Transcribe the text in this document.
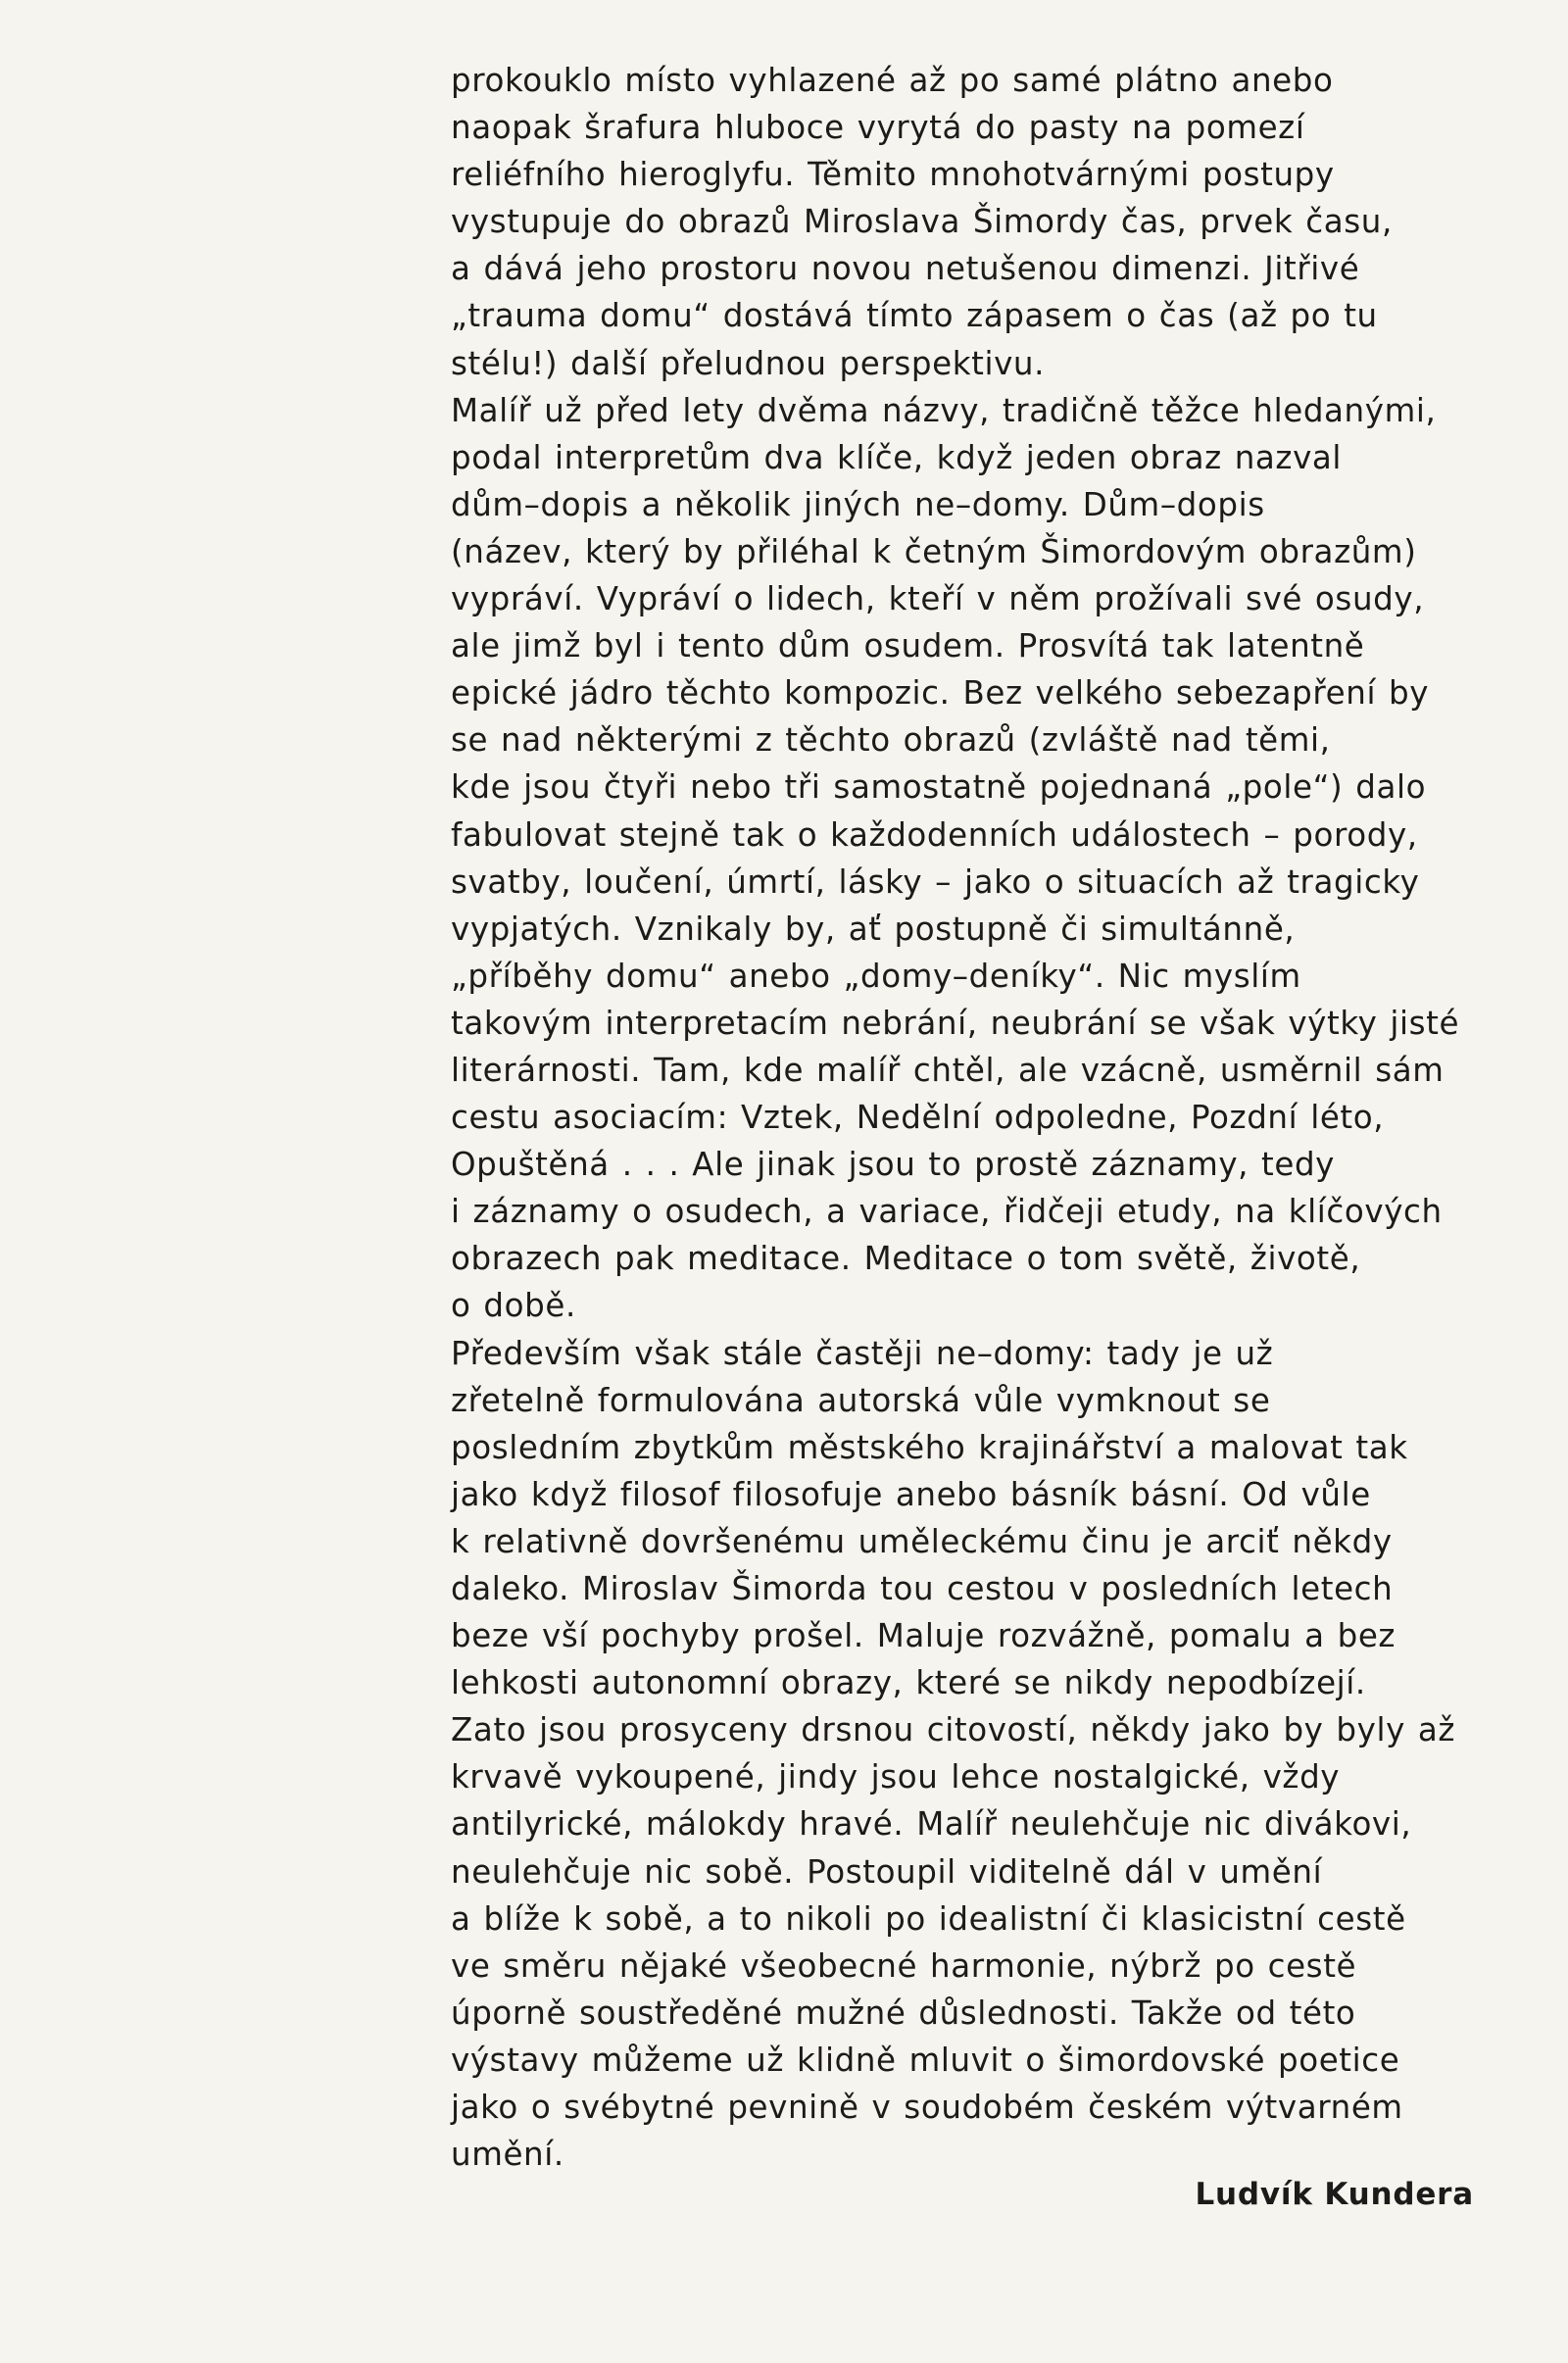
prokouklo místo vyhlazené až po samé plátno anebo
naopak šrafura hluboce vyrytá do pasty na pomezí
reliéfního hieroglyfu. Těmito mnohotvárnými postupy
vystupuje do obrazů Miroslava Šimordy čas, prvek času,
a dává jeho prostoru novou netušenou dimenzi. Jitřivé
„trauma domu“ dostává tímto zápasem o čas (až po tu
stélu!) další přeludnou perspektivu.
Malíř už před lety dvěma názvy, tradičně těžce hledanými,
podal interpretům dva klíče, když jeden obraz nazval
dům–dopis a několik jiných ne–domy. Dům–dopis
(název, který by přiléhal k četným Šimordovým obrazům)
vypráví. Vypráví o lidech, kteří v něm prožívali své osudy,
ale jimž byl i tento dům osudem. Prosvítá tak latentně
epické jádro těchto kompozic. Bez velkého sebezapření by
se nad některými z těchto obrazů (zvláště nad těmi,
kde jsou čtyři nebo tři samostatně pojednaná „pole“) dalo
fabulovat stejně tak o každodenních událostech – porody,
svatby, loučení, úmrtí, lásky – jako o situacích až tragicky
vypjatých. Vznikaly by, ať postupně či simultánně,
„příběhy domu“ anebo „domy–deníky“. Nic myslím
takovým interpretacím nebrání, neubrání se však výtky jisté
literárnosti. Tam, kde malíř chtěl, ale vzácně, usměrnil sám
cestu asociacím: Vztek, Nedělní odpoledne, Pozdní léto,
Opuštěná . . . Ale jinak jsou to prostě záznamy, tedy
i záznamy o osudech, a variace, řidčeji etudy, na klíčových
obrazech pak meditace. Meditace o tom světě, životě,
o době.
Především však stále častěji ne–domy: tady je už
zřetelně formulována autorská vůle vymknout se
posledním zbytkům městského krajinářství a malovat tak
jako když filosof filosofuje anebo básník básní. Od vůle
k relativně dovršenému uměleckému činu je arciť někdy
daleko. Miroslav Šimorda tou cestou v posledních letech
beze vší pochyby prošel. Maluje rozvážně, pomalu a bez
lehkosti autonomní obrazy, které se nikdy nepodbízejí.
Zato jsou prosyceny drsnou citovostí, někdy jako by byly až
krvavě vykoupené, jindy jsou lehce nostalgické, vždy
antilyrické, málokdy hravé. Malíř neulehčuje nic divákovi,
neulehčuje nic sobě. Postoupil viditelně dál v umění
a blíže k sobě, a to nikoli po idealistní či klasicistní cestě
ve směru nějaké všeobecné harmonie, nýbrž po cestě
úporně soustředěné mužné důslednosti. Takže od této
výstavy můžeme už klidně mluvit o šimordovské poetice
jako o svébytné pevnině v soudobém českém výtvarném
umění.
Ludvík Kundera
